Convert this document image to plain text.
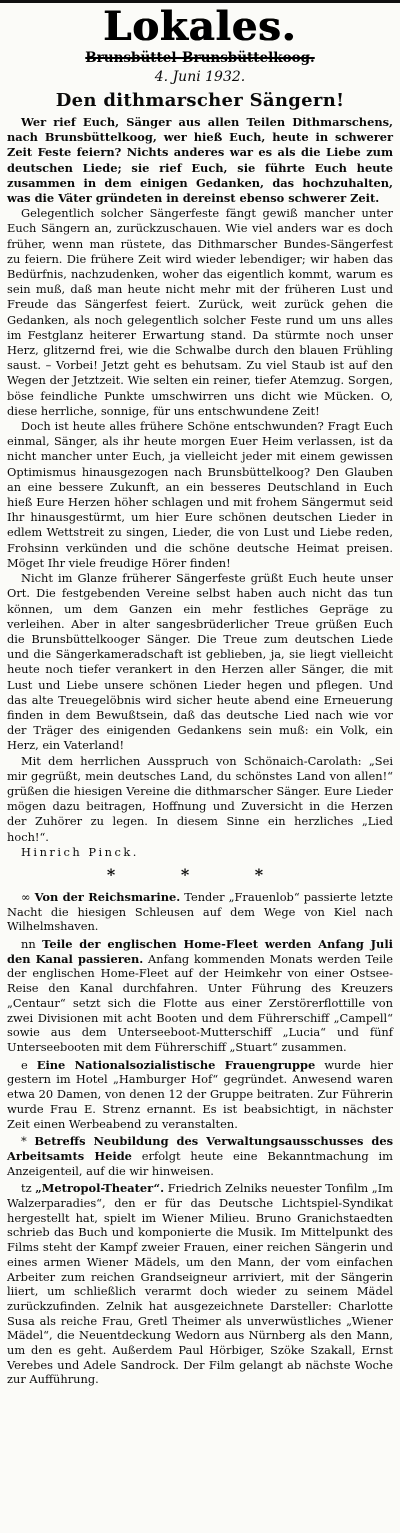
Lokales.
Brunsbüttel-Brunsbüttelkoog.
4. Juni 1932.
Den dithmarscher Sängern!

Wer rief Euch, Sänger aus allen Teilen Dithmarschens, nach Brunsbüttelkoog, wer hieß Euch, heute in schwerer Zeit Feste feiern? Nichts anderes war es als die Liebe zum deutschen Liede; sie rief Euch, sie führte Euch heute zusammen in dem einigen Gedanken, das hochzuhalten, was die Väter gründeten in dereinst ebenso schwerer Zeit.

Gelegentlich solcher Sängerfeste fängt gewiß mancher unter Euch Sängern an, zurückzuschauen. Wie viel anders war es doch früher, wenn man rüstete, das Dithmarscher Bundes-Sängerfest zu feiern. Die frühere Zeit wird wieder lebendiger; wir haben das Bedürfnis, nachzudenken, woher das eigentlich kommt, warum es sein muß, daß man heute nicht mehr mit der früheren Lust und Freude das Sängerfest feiert. Zurück, weit zurück gehen die Gedanken, als noch gelegentlich solcher Feste rund um uns alles im Festglanz heiterer Erwartung stand. Da stürmte noch unser Herz, glitzernd frei, wie die Schwalbe durch den blauen Frühling saust. – Vorbei! Jetzt geht es behutsam. Zu viel Staub ist auf den Wegen der Jetztzeit. Wie selten ein reiner, tiefer Atemzug. Sorgen, böse feindliche Punkte umschwirren uns dicht wie Mücken. O, diese herrliche, sonnige, für uns entschwundene Zeit!

Doch ist heute alles frühere Schöne entschwunden? Fragt Euch einmal, Sänger, als ihr heute morgen Euer Heim verlassen, ist da nicht mancher unter Euch, ja vielleicht jeder mit einem gewissen Optimismus hinausgezogen nach Brunsbüttelkoog? Den Glauben an eine bessere Zukunft, an ein besseres Deutschland in Euch hieß Eure Herzen höher schlagen und mit frohem Sängermut seid Ihr hinausgestürmt, um hier Eure schönen deutschen Lieder in edlem Wettstreit zu singen, Lieder, die von Lust und Liebe reden, Frohsinn verkünden und die schöne deutsche Heimat preisen. Möget Ihr viele freudige Hörer finden!

Nicht im Glanze früherer Sängerfeste grüßt Euch heute unser Ort. Die festgebenden Vereine selbst haben auch nicht das tun können, um dem Ganzen ein mehr festliches Gepräge zu verleihen. Aber in alter sangesbrüderlicher Treue grüßen Euch die Brunsbüttelkooger Sänger. Die Treue zum deutschen Liede und die Sängerkameradschaft ist geblieben, ja, sie liegt vielleicht heute noch tiefer verankert in den Herzen aller Sänger, die mit Lust und Liebe unsere schönen Lieder hegen und pflegen. Und das alte Treuegelöbnis wird sicher heute abend eine Erneuerung finden in dem Bewußtsein, daß das deutsche Lied nach wie vor der Träger des einigenden Gedankens sein muß: ein Volk, ein Herz, ein Vaterland!

Mit dem herrlichen Ausspruch von Schönaich-Carolath: „Sei mir gegrüßt, mein deutsches Land, du schönstes Land von allen!“ grüßen die hiesigen Vereine die dithmarscher Sänger. Eure Lieder mögen dazu beitragen, Hoffnung und Zuversicht in die Herzen der Zuhörer zu legen. In diesem Sinne ein herzliches „Lied hoch!“.

Hinrich Pinck.

* * *

∞ Von der Reichsmarine. Tender „Frauenlob“ passierte letzte Nacht die hiesigen Schleusen auf dem Wege von Kiel nach Wilhelmshaven.

nn Teile der englischen Home-Fleet werden Anfang Juli den Kanal passieren. Anfang kommenden Monats werden Teile der englischen Home-Fleet auf der Heimkehr von einer Ostsee-Reise den Kanal durchfahren. Unter Führung des Kreuzers „Centaur“ setzt sich die Flotte aus einer Zerstörerflottille von zwei Divisionen mit acht Booten und dem Führerschiff „Campell“ sowie aus dem Unterseeboot-Mutterschiff „Lucia“ und fünf Unterseebooten mit dem Führerschiff „Stuart“ zusammen.

e Eine Nationalsozialistische Frauengruppe wurde hier gestern im Hotel „Hamburger Hof“ gegründet. Anwesend waren etwa 20 Damen, von denen 12 der Gruppe beitraten. Zur Führerin wurde Frau E. Strenz ernannt. Es ist beabsichtigt, in nächster Zeit einen Werbeabend zu veranstalten.

* Betreffs Neubildung des Verwaltungsausschusses des Arbeitsamts Heide erfolgt heute eine Bekanntmachung im Anzeigenteil, auf die wir hinweisen.

tz „Metropol-Theater“. Friedrich Zelniks neuester Tonfilm „Im Walzerparadies“, den er für das Deutsche Lichtspiel-Syndikat hergestellt hat, spielt im Wiener Milieu. Bruno Granichstaedten schrieb das Buch und komponierte die Musik. Im Mittelpunkt des Films steht der Kampf zweier Frauen, einer reichen Sängerin und eines armen Wiener Mädels, um den Mann, der vom einfachen Arbeiter zum reichen Grandseigneur arriviert, mit der Sängerin liiert, um schließlich verarmt doch wieder zu seinem Mädel zurückzufinden. Zelnik hat ausgezeichnete Darsteller: Charlotte Susa als reiche Frau, Gretl Theimer als unverwüstliches „Wiener Mädel“, die Neuentdeckung Wedorn aus Nürnberg als den Mann, um den es geht. Außerdem Paul Hörbiger, Szöke Szakall, Ernst Verebes und Adele Sandrock. Der Film gelangt ab nächste Woche zur Aufführung.
